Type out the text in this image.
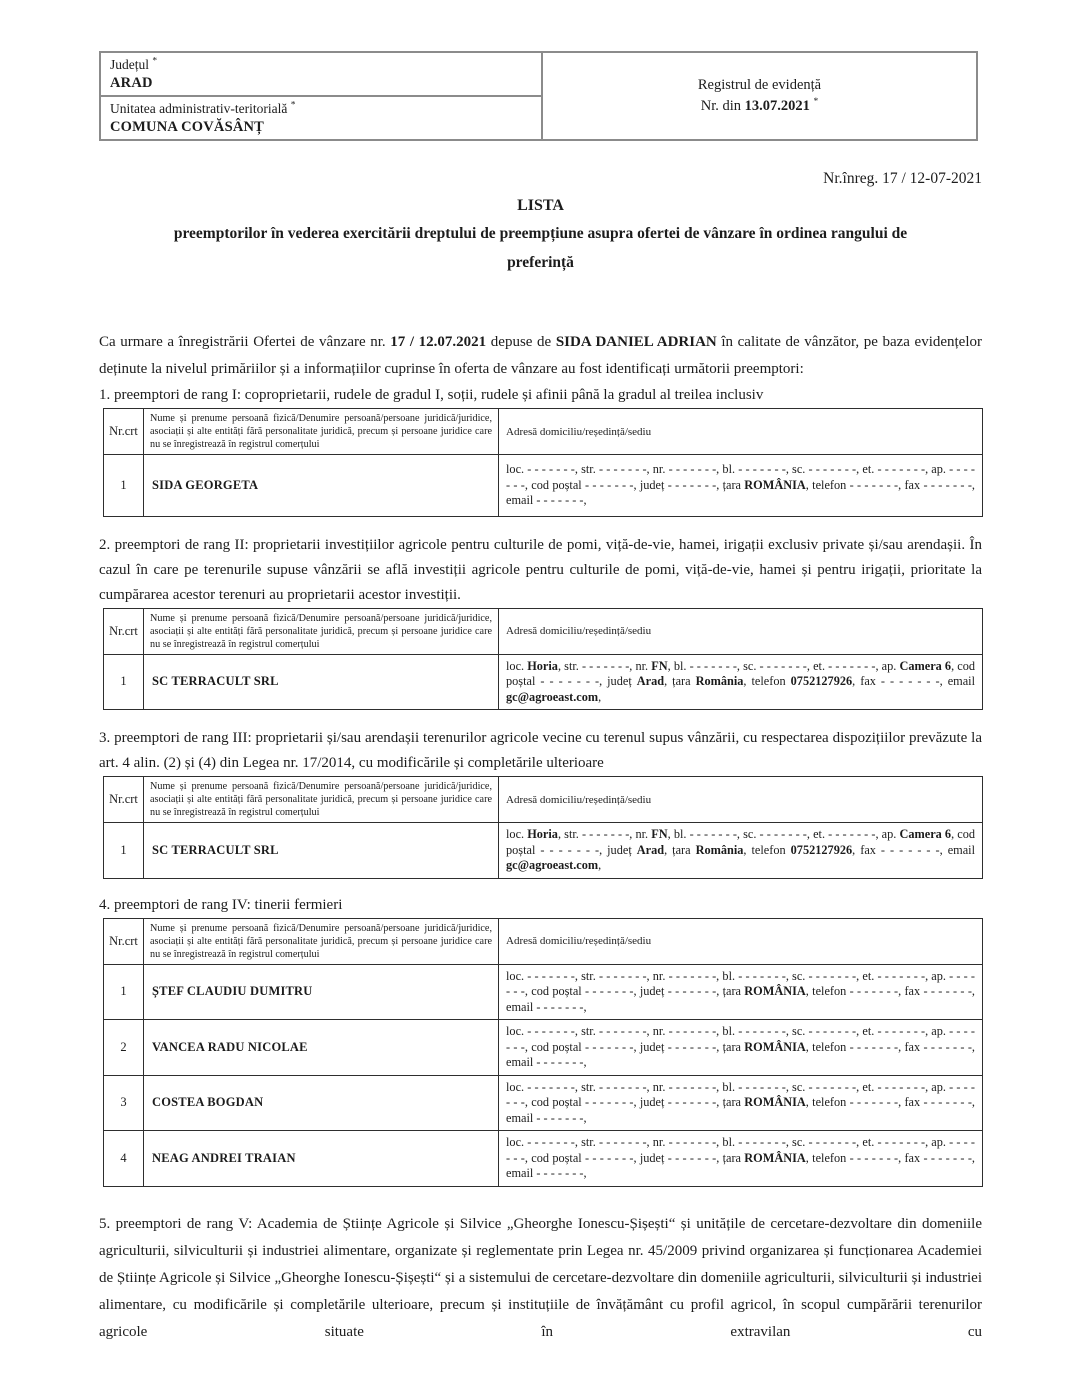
Județul *
ARAD
Unitatea administrativ-teritorială *
COMUNA COVĂSÂNȚ
Registrul de evidență
Nr. din 13.07.2021 *
Nr.înreg. 17 / 12-07-2021
LISTA
preemptorilor în vederea exercitării dreptului de preempțiune asupra ofertei de vânzare în ordinea rangului de
preferință
Ca urmare a înregistrării Ofertei de vânzare nr. 17 / 12.07.2021 depuse de SIDA DANIEL ADRIAN în calitate de vânzător, pe baza evidențelor deținute la nivelul primăriilor și a informațiilor cuprinse în oferta de vânzare au fost identificați următorii preemptori:
1. preemptori de rang I: coproprietarii, rudele de gradul I, soții, rudele și afinii până la gradul al treilea inclusiv
Nr.crt	Nume și prenume persoană fizică/Denumire persoană/persoane juridică/juridice, asociații și alte entități fără personalitate juridică, precum și persoane juridice care nu se înregistrează în registrul comerțului	Adresă domiciliu/reședință/sediu
1	SIDA GEORGETA	loc. - - - - - - -, str. - - - - - - -, nr. - - - - - - -, bl. - - - - - - -, sc. - - - - - - -, et. - - - - - - -, ap. - - - - - - -, cod poștal - - - - - - -, județ - - - - - - -, țara ROMÂNIA, telefon - - - - - - -, fax - - - - - - -, email - - - - - - -,
2. preemptori de rang II: proprietarii investițiilor agricole pentru culturile de pomi, viță-de-vie, hamei, irigații exclusiv private și/sau arendașii. În cazul în care pe terenurile supuse vânzării se află investiții agricole pentru culturile de pomi, viță-de-vie, hamei și pentru irigații, prioritate la cumpărarea acestor terenuri au proprietarii acestor investiții.
Nr.crt	Nume și prenume persoană fizică/Denumire persoană/persoane juridică/juridice, asociații și alte entități fără personalitate juridică, precum și persoane juridice care nu se înregistrează în registrul comerțului	Adresă domiciliu/reședință/sediu
1	SC TERRACULT SRL	loc. Horia, str. - - - - - - -, nr. FN, bl. - - - - - - -, sc. - - - - - - -, et. - - - - - - -, ap. Camera 6, cod poștal - - - - - - -, județ Arad, țara România, telefon 0752127926, fax - - - - - - -, email gc@agroeast.com,
3. preemptori de rang III: proprietarii și/sau arendașii terenurilor agricole vecine cu terenul supus vânzării, cu respectarea dispozițiilor prevăzute la art. 4 alin. (2) și (4) din Legea nr. 17/2014, cu modificările și completările ulterioare
Nr.crt	Nume și prenume persoană fizică/Denumire persoană/persoane juridică/juridice, asociații și alte entități fără personalitate juridică, precum și persoane juridice care nu se înregistrează în registrul comerțului	Adresă domiciliu/reședință/sediu
1	SC TERRACULT SRL	loc. Horia, str. - - - - - - -, nr. FN, bl. - - - - - - -, sc. - - - - - - -, et. - - - - - - -, ap. Camera 6, cod poștal - - - - - - -, județ Arad, țara România, telefon 0752127926, fax - - - - - - -, email gc@agroeast.com,
4. preemptori de rang IV: tinerii fermieri
Nr.crt	Nume și prenume persoană fizică/Denumire persoană/persoane juridică/juridice, asociații și alte entități fără personalitate juridică, precum și persoane juridice care nu se înregistrează în registrul comerțului	Adresă domiciliu/reședință/sediu
1	ȘTEF CLAUDIU DUMITRU	loc. - - - - - - -, str. - - - - - - -, nr. - - - - - - -, bl. - - - - - - -, sc. - - - - - - -, et. - - - - - - -, ap. - - - - - - -, cod poștal - - - - - - -, județ - - - - - - -, țara ROMÂNIA, telefon - - - - - - -, fax - - - - - - -, email - - - - - - -,
2	VANCEA RADU NICOLAE	loc. - - - - - - -, str. - - - - - - -, nr. - - - - - - -, bl. - - - - - - -, sc. - - - - - - -, et. - - - - - - -, ap. - - - - - - -, cod poștal - - - - - - -, județ - - - - - - -, țara ROMÂNIA, telefon - - - - - - -, fax - - - - - - -, email - - - - - - -,
3	COSTEA BOGDAN	loc. - - - - - - -, str. - - - - - - -, nr. - - - - - - -, bl. - - - - - - -, sc. - - - - - - -, et. - - - - - - -, ap. - - - - - - -, cod poștal - - - - - - -, județ - - - - - - -, țara ROMÂNIA, telefon - - - - - - -, fax - - - - - - -, email - - - - - - -,
4	NEAG ANDREI TRAIAN	loc. - - - - - - -, str. - - - - - - -, nr. - - - - - - -, bl. - - - - - - -, sc. - - - - - - -, et. - - - - - - -, ap. - - - - - - -, cod poștal - - - - - - -, județ - - - - - - -, țara ROMÂNIA, telefon - - - - - - -, fax - - - - - - -, email - - - - - - -,
5. preemptori de rang V: Academia de Științe Agricole și Silvice „Gheorghe Ionescu-Șișești“ și unitățile de cercetare-dezvoltare din domeniile agriculturii, silviculturii și industriei alimentare, organizate și reglementate prin Legea nr. 45/2009 privind organizarea și funcționarea Academiei de Științe Agricole și Silvice „Gheorghe Ionescu-Șișești“ și a sistemului de cercetare-dezvoltare din domeniile agriculturii, silviculturii și industriei alimentare, cu modificările și completările ulterioare, precum și instituțiile de învățământ cu profil agricol, în scopul cumpărării terenurilor agricole situate în extravilan cu
